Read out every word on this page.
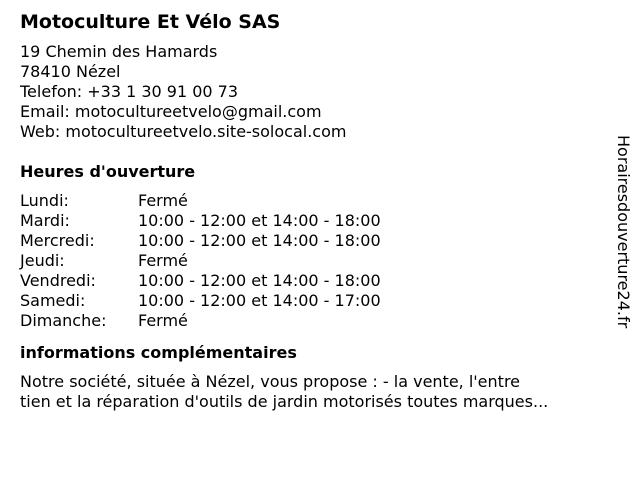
Motoculture Et Vélo SAS
19 Chemin des Hamards
78410 Nézel
Telefon: +33 1 30 91 00 73
Email: motocultureetvelo@gmail.com
Web: motocultureetvelo.site-solocal.com
Heures d'ouverture
Lundi:	Fermé
Mardi:	10:00 - 12:00 et 14:00 - 18:00
Mercredi:	10:00 - 12:00 et 14:00 - 18:00
Jeudi:	Fermé
Vendredi:	10:00 - 12:00 et 14:00 - 18:00
Samedi:	10:00 - 12:00 et 14:00 - 17:00
Dimanche:	Fermé
informations complémentaires
Notre société, située à Nézel, vous propose : - la vente, l'entre
tien et la réparation d'outils de jardin motorisés toutes marques...
Horairesdouverture24.fr
